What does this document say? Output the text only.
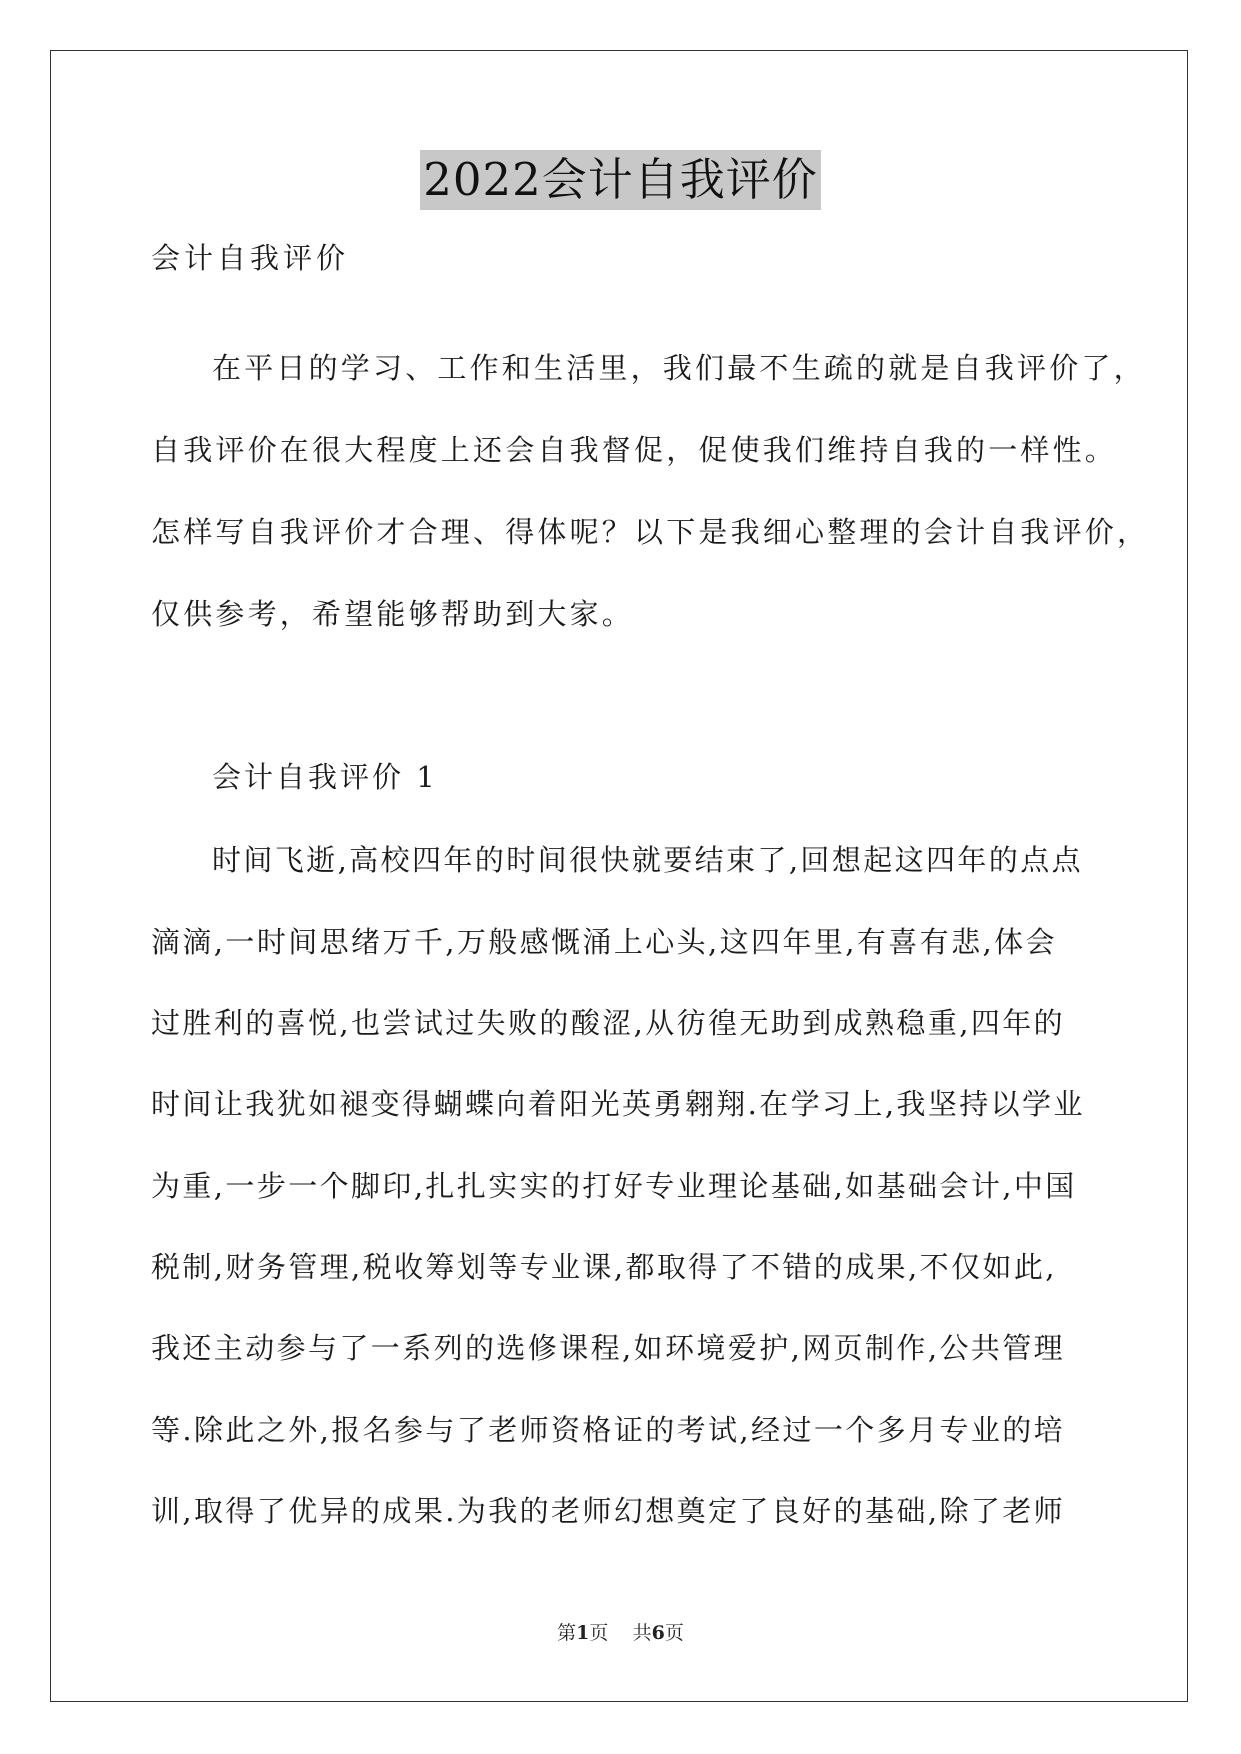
2022会计自我评价
会计自我评价
在平日的学习、工作和生活里，我们最不生疏的就是自我评价了，
自我评价在很大程度上还会自我督促，促使我们维持自我的一样性。
怎样写自我评价才合理、得体呢？以下是我细心整理的会计自我评价，
仅供参考，希望能够帮助到大家。
会计自我评价 1
时间飞逝,高校四年的时间很快就要结束了,回想起这四年的点点
滴滴,一时间思绪万千,万般感慨涌上心头,这四年里,有喜有悲,体会
过胜利的喜悦,也尝试过失败的酸涩,从彷徨无助到成熟稳重,四年的
时间让我犹如褪变得蝴蝶向着阳光英勇翱翔.在学习上,我坚持以学业
为重,一步一个脚印,扎扎实实的打好专业理论基础,如基础会计,中国
税制,财务管理,税收筹划等专业课,都取得了不错的成果,不仅如此,
我还主动参与了一系列的选修课程,如环境爱护,网页制作,公共管理
等.除此之外,报名参与了老师资格证的考试,经过一个多月专业的培
训,取得了优异的成果.为我的老师幻想奠定了良好的基础,除了老师
第1页 共6页
